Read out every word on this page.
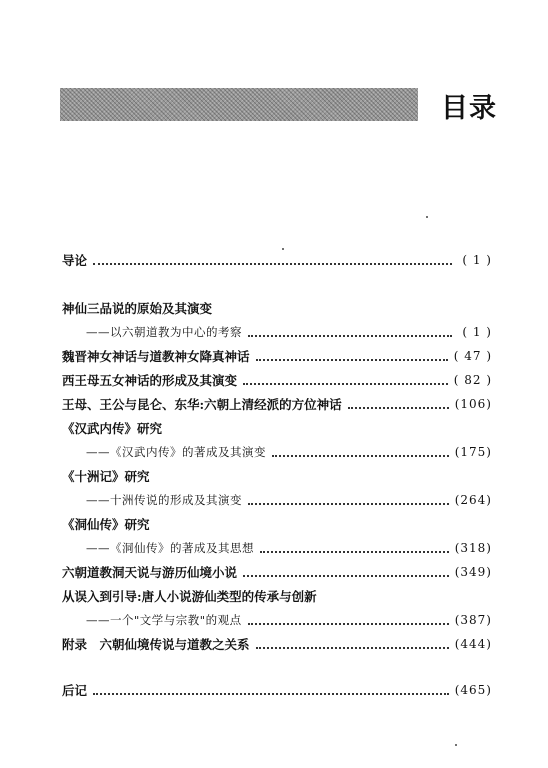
目录
导论	( 1 )
神仙三品说的原始及其演变
——以六朝道教为中心的考察	( 1 )
魏晋神女神话与道教神女降真神话	( 47 )
西王母五女神话的形成及其演变	( 82 )
王母、王公与昆仑、东华:六朝上清经派的方位神话	(106)
《汉武内传》研究
——《汉武内传》的著成及其演变	(175)
《十洲记》研究
——十洲传说的形成及其演变	(264)
《洞仙传》研究
——《洞仙传》的著成及其思想	(318)
六朝道教洞天说与游历仙境小说	(349)
从误入到引导:唐人小说游仙类型的传承与创新
——一个"文学与宗教"的观点	(387)
附录　六朝仙境传说与道教之关系	(444)
后记	(465)
